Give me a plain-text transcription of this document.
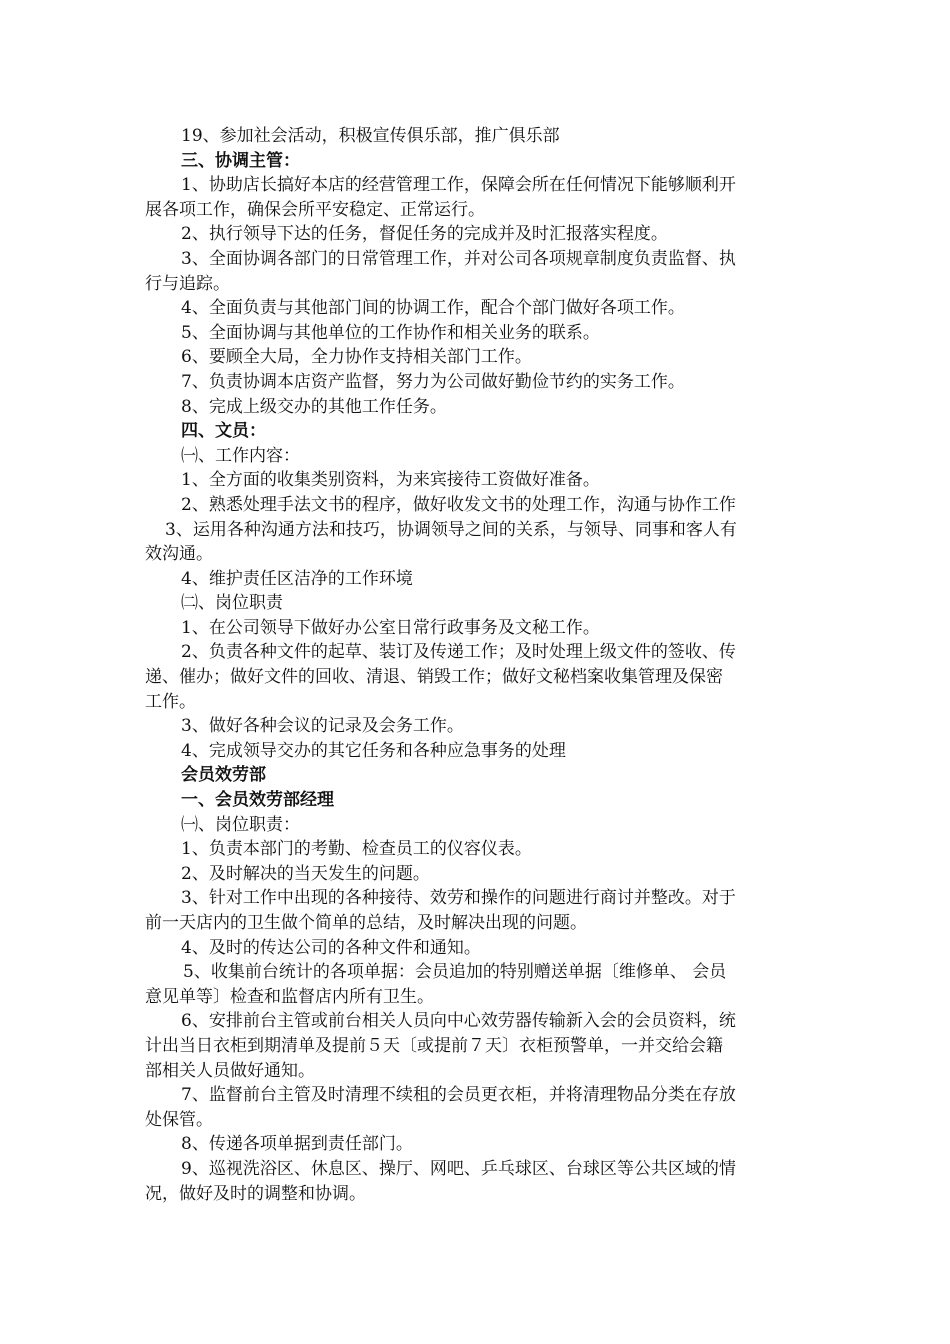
19、参加社会活动，积极宣传俱乐部，推广俱乐部
三、协调主管：
1、协助店长搞好本店的经营管理工作，保障会所在任何情况下能够顺利开
展各项工作，确保会所平安稳定、正常运行。
2、执行领导下达的任务，督促任务的完成并及时汇报落实程度。
3、全面协调各部门的日常管理工作，并对公司各项规章制度负责监督、执
行与追踪。
4、全面负责与其他部门间的协调工作，配合个部门做好各项工作。
5、全面协调与其他单位的工作协作和相关业务的联系。
6、要顾全大局，全力协作支持相关部门工作。
7、负责协调本店资产监督，努力为公司做好勤俭节约的实务工作。
8、完成上级交办的其他工作任务。
四、文员：
㈠、工作内容：
1、全方面的收集类别资料，为来宾接待工资做好准备。
2、熟悉处理手法文书的程序，做好收发文书的处理工作，沟通与协作工作
3、运用各种沟通方法和技巧，协调领导之间的关系，与领导、同事和客人有
效沟通。
4、维护责任区洁净的工作环境
㈡、岗位职责
1、在公司领导下做好办公室日常行政事务及文秘工作。
2、负责各种文件的起草、装订及传递工作；及时处理上级文件的签收、传
递、催办；做好文件的回收、清退、销毁工作；做好文秘档案收集管理及保密
工作。
3、做好各种会议的记录及会务工作。
4、完成领导交办的其它任务和各种应急事务的处理
会员效劳部
一、会员效劳部经理
㈠、岗位职责：
1、负责本部门的考勤、检查员工的仪容仪表。
2、及时解决的当天发生的问题。
3、针对工作中出现的各种接待、效劳和操作的问题进行商讨并整改。对于
前一天店内的卫生做个简单的总结，及时解决出现的问题。
4、及时的传达公司的各种文件和通知。
5、收集前台统计的各项单据：会员追加的特别赠送单据〔维修单、 会员
意见单等〕检查和监督店内所有卫生。
6、安排前台主管或前台相关人员向中心效劳器传输新入会的会员资料，统
计出当日衣柜到期清单及提前５天〔或提前７天〕衣柜预警单，一并交给会籍
部相关人员做好通知。
7、监督前台主管及时清理不续租的会员更衣柜，并将清理物品分类在存放
处保管。
8、传递各项单据到责任部门。
9、巡视洗浴区、休息区、操厅、网吧、乒乓球区、台球区等公共区域的情
况，做好及时的调整和协调。
